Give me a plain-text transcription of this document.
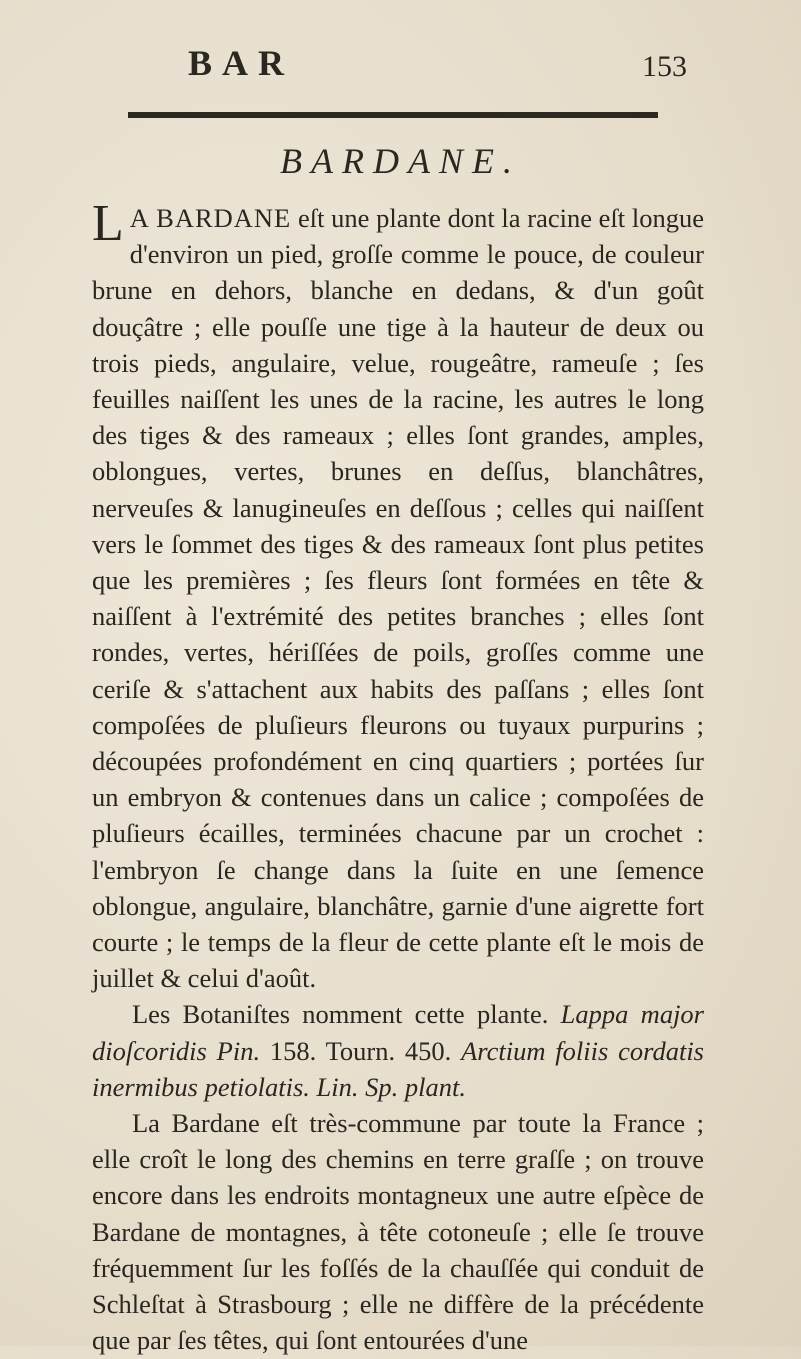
BAR	153
BARDANE.

L A BARDANE eſt une plante dont la racine eſt longue d'environ un pied, groſſe comme le pouce, de couleur brune en dehors, blanche en dedans, & d'un goût douçâtre ; elle pouſſe une tige à la hauteur de deux ou trois pieds, angulaire, velue, rougeâtre, rameuſe ; ſes feuilles naiſſent les unes de la racine, les autres le long des tiges & des rameaux ; elles ſont grandes, amples, oblongues, vertes, brunes en deſſus, blanchâtres, nerveuſes & lanugineuſes en deſſous ; celles qui naiſſent vers le ſommet des tiges & des rameaux ſont plus petites que les premières ; ſes fleurs ſont formées en tête & naiſſent à l'extrémité des petites branches ; elles ſont rondes, vertes, hériſſées de poils, groſſes comme une ceriſe & s'attachent aux habits des paſſans ; elles ſont compoſées de pluſieurs fleurons ou tuyaux purpurins ; découpées profondément en cinq quartiers ; portées ſur un embryon & contenues dans un calice ; compoſées de pluſieurs écailles, terminées chacune par un crochet : l'embryon ſe change dans la ſuite en une ſemence oblongue, angulaire, blanchâtre, garnie d'une aigrette fort courte ; le temps de la fleur de cette plante eſt le mois de juillet & celui d'août.

Les Botaniſtes nomment cette plante. Lappa major dioſcoridis Pin. 158. Tourn. 450. Arctium foliis cordatis inermibus petiolatis. Lin. Sp. plant.

La Bardane eſt très-commune par toute la France ; elle croît le long des chemins en terre graſſe ; on trouve encore dans les endroits montagneux une autre eſpèce de Bardane de montagnes, à tête cotoneuſe ; elle ſe trouve fréquemment ſur les foſſés de la chauſſée qui conduit de Schleſtat à Strasbourg ; elle ne diffère de la précédente que par ſes têtes, qui ſont entourées d'une
